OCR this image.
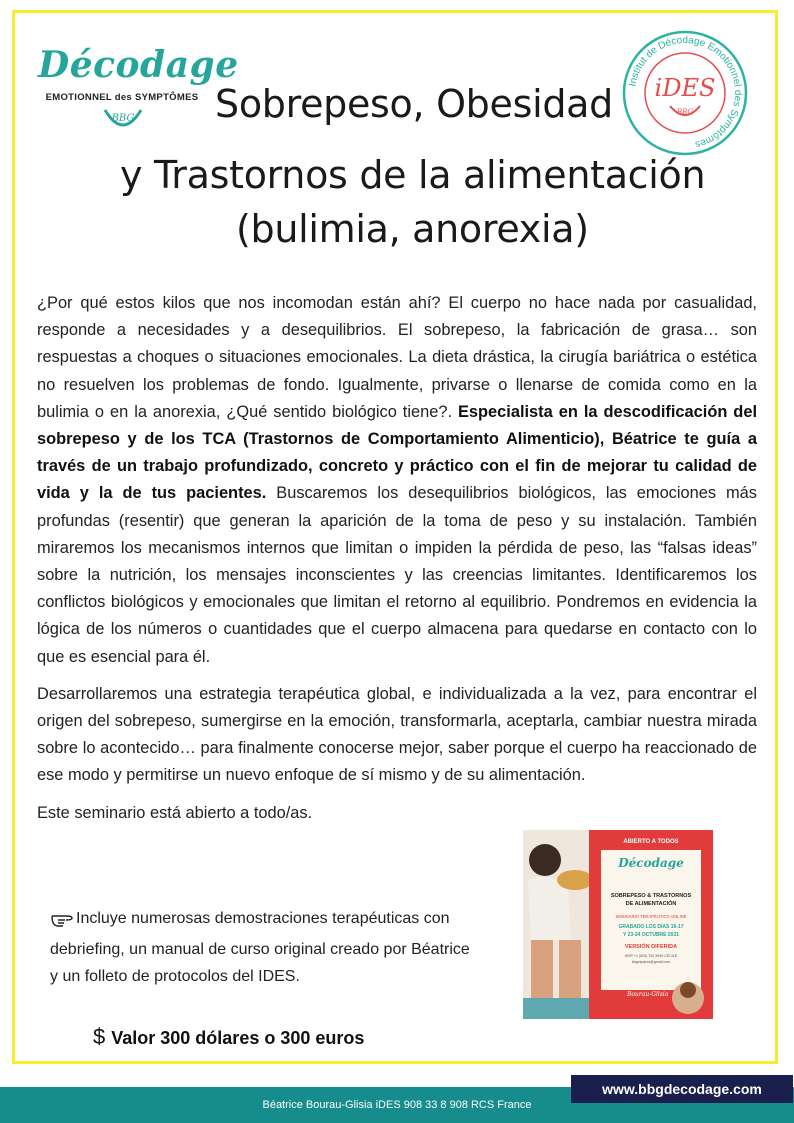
Décodage
EMOTIONNEL des SYMPTÔMES
BBG
Institut de Décodage Emotionnel des Symptômes
iDES
BBG
Sobrepeso, Obesidad
y Trastornos de la alimentación
(bulimia, anorexia)

¿Por qué estos kilos que nos incomodan están ahí? El cuerpo no hace nada por casualidad, responde a necesidades y a desequilibrios. El sobrepeso, la fabricación de grasa… son respuestas a choques o situaciones emocionales. La dieta drástica, la cirugía bariátrica o estética no resuelven los problemas de fondo. Igualmente, privarse o llenarse de comida como en la bulimia o en la anorexia, ¿Qué sentido biológico tiene?. Especialista en la descodificación del sobrepeso y de los TCA (Trastornos de Comportamiento Alimenticio), Béatrice te guía a través de un trabajo profundizado, concreto y práctico con el fin de mejorar tu calidad de vida y la de tus pacientes. Buscaremos los desequilibrios biológicos, las emociones más profundas (resentir) que generan la aparición de la toma de peso y su instalación. También miraremos los mecanismos internos que limitan o impiden la pérdida de peso, las “falsas ideas” sobre la nutrición, los mensajes inconscientes y las creencias limitantes. Identificaremos los conflictos biológicos y emocionales que limitan el retorno al equilibrio. Pondremos en evidencia la lógica de los números o cuantidades que el cuerpo almacena para quedarse en contacto con lo que es esencial para él.

Desarrollaremos una estrategia terapéutica global, e individualizada a la vez, para encontrar el origen del sobrepeso, sumergirse en la emoción, transformarla, aceptarla, cambiar nuestra mirada sobre lo acontecido… para finalmente conocerse mejor, saber porque el cuerpo ha reaccionado de ese modo y permitirse un nuevo enfoque de sí mismo y de su alimentación.

Este seminario está abierto a todo/as.

Incluye numerosas demostraciones terapéuticas con debriefing, un manual de curso original creado por Béatrice y un folleto de protocolos del IDES.
$ Valor 300 dólares o 300 euros
ABIERTO A TODOS
Décodage
SOBREPESO & TRASTORNOS
DE ALIMENTACIÓN
SEMINARIO TERAPÉUTICO ONLINE
GRABADO LOS DIAS 16-17
Y 23-24 OCTUBRE 2021
VERSIÓN DIFERIDA
WSP +1 (829) 702 3949 CÉCILE
bbgespanol@gmail.com
con Béatrice
Bourau-Glisia
Béatrice Bourau-Glisia iDES 908 33 8 908 RCS France
www.bbgdecodage.com
